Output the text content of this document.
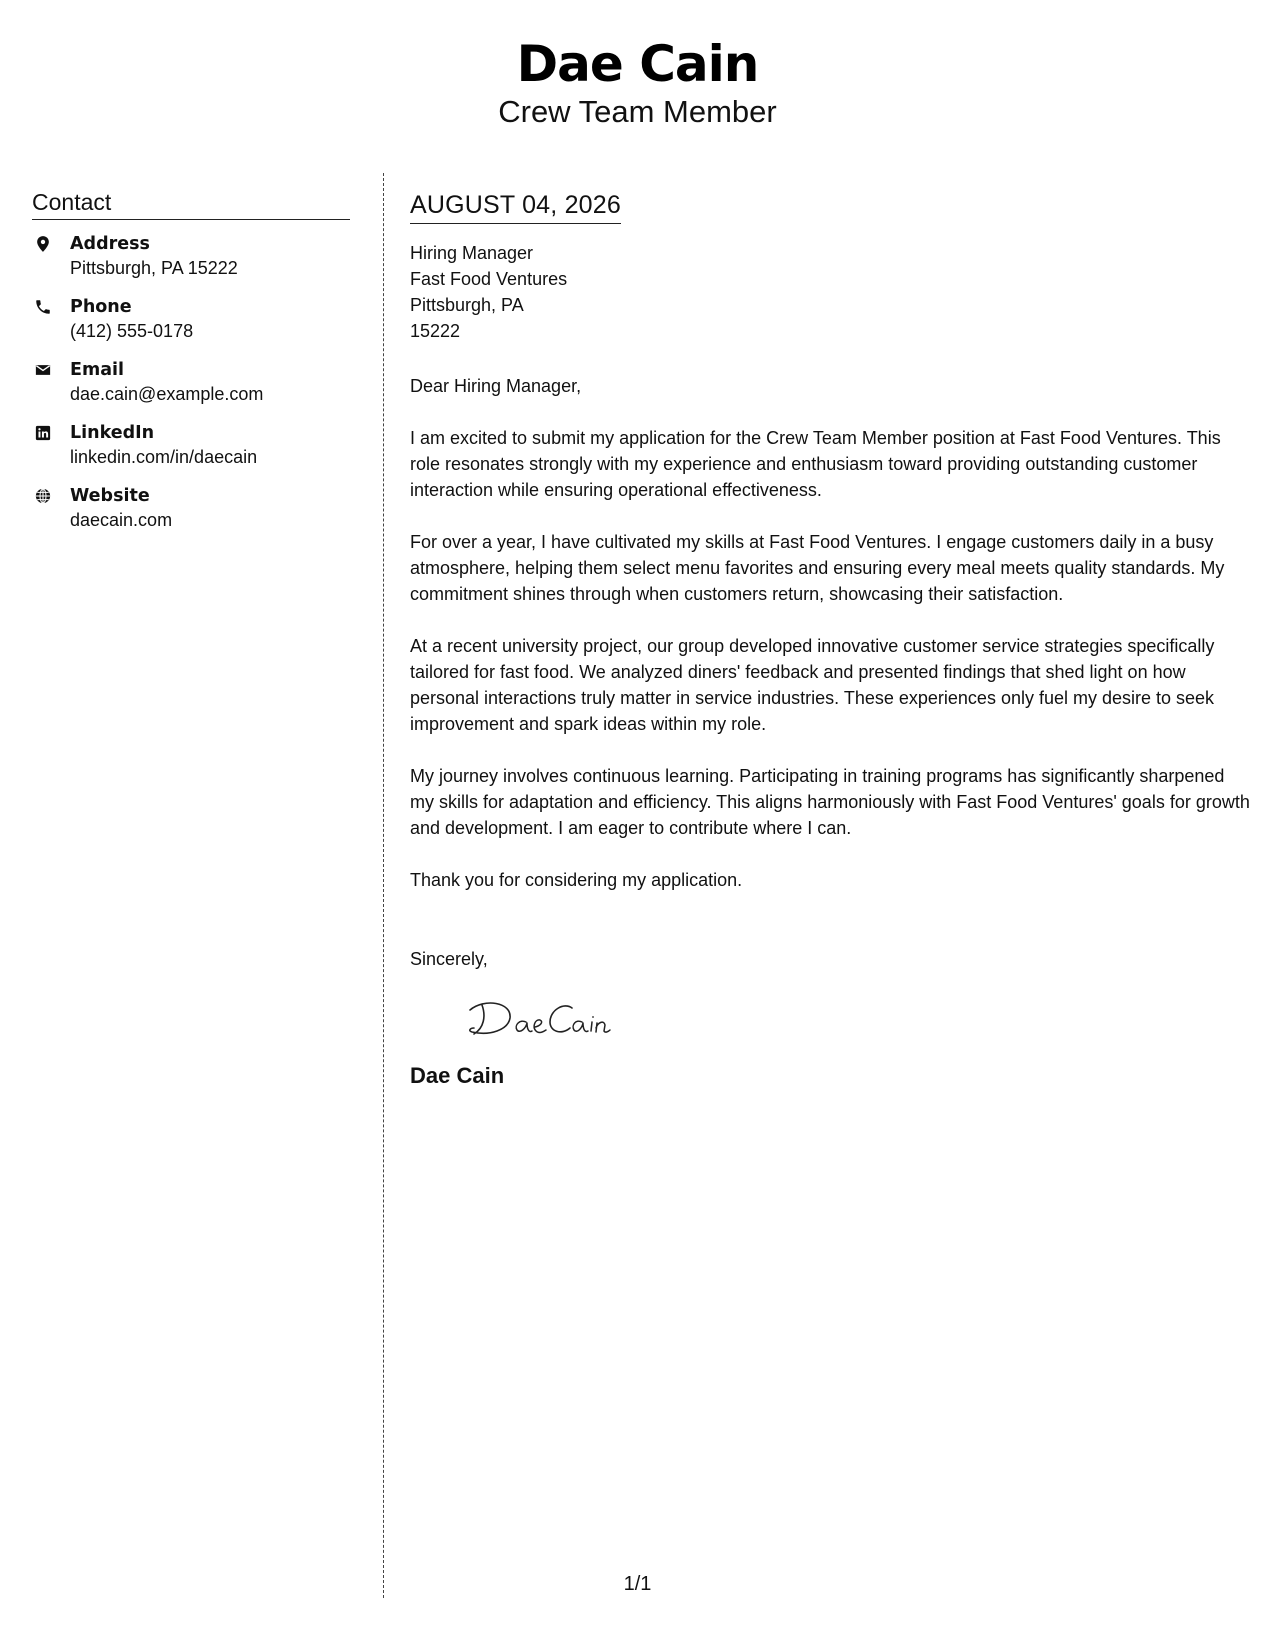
Dae Cain
Crew Team Member
Contact
Address
Pittsburgh, PA 15222
Phone
(412) 555-0178
Email
dae.cain@example.com
LinkedIn
linkedin.com/in/daecain
Website
daecain.com
AUGUST 04, 2026
Hiring Manager
Fast Food Ventures
Pittsburgh, PA
15222
Dear Hiring Manager,
I am excited to submit my application for the Crew Team Member position at Fast Food Ventures. This role resonates strongly with my experience and enthusiasm toward providing outstanding customer interaction while ensuring operational effectiveness.
For over a year, I have cultivated my skills at Fast Food Ventures. I engage customers daily in a busy atmosphere, helping them select menu favorites and ensuring every meal meets quality standards. My commitment shines through when customers return, showcasing their satisfaction.
At a recent university project, our group developed innovative customer service strategies specifically tailored for fast food. We analyzed diners' feedback and presented findings that shed light on how personal interactions truly matter in service industries. These experiences only fuel my desire to seek improvement and spark ideas within my role.
My journey involves continuous learning. Participating in training programs has significantly sharpened my skills for adaptation and efficiency. This aligns harmoniously with Fast Food Ventures' goals for growth and development. I am eager to contribute where I can.
Thank you for considering my application.
Sincerely,
Dae Cain
1/1
